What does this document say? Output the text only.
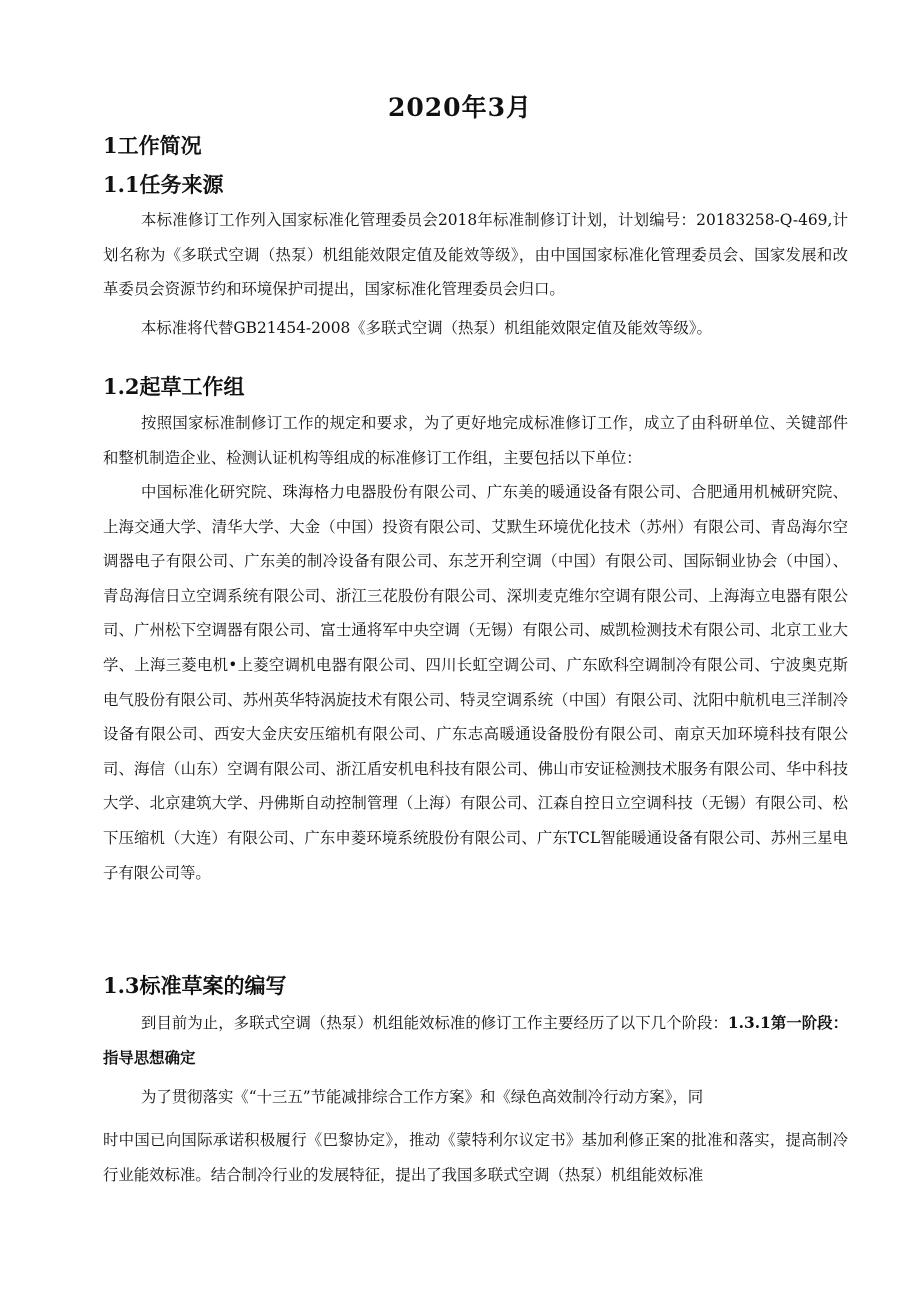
2020年3月
1工作简况
1.1任务来源

本标准修订工作列入国家标准化管理委员会2018年标准制修订计划，计划编号：20183258-Q-469,计划名称为《多联式空调（热泵）机组能效限定值及能效等级》，由中国国家标准化管理委员会、国家发展和改革委员会资源节约和环境保护司提出，国家标准化管理委员会归口。

本标准将代替GB21454-2008《多联式空调（热泵）机组能效限定值及能效等级》。

1.2起草工作组

按照国家标准制修订工作的规定和要求，为了更好地完成标准修订工作，成立了由科研单位、关键部件和整机制造企业、检测认证机构等组成的标准修订工作组，主要包括以下单位：

中国标准化研究院、珠海格力电器股份有限公司、广东美的暖通设备有限公司、合肥通用机械研究院、上海交通大学、清华大学、大金（中国）投资有限公司、艾默生环境优化技术（苏州）有限公司、青岛海尔空调器电子有限公司、广东美的制冷设备有限公司、东芝开利空调（中国）有限公司、国际铜业协会（中国）、青岛海信日立空调系统有限公司、浙江三花股份有限公司、深圳麦克维尔空调有限公司、上海海立电器有限公司、广州松下空调器有限公司、富士通将军中央空调（无锡）有限公司、威凯检测技术有限公司、北京工业大学、上海三菱电机•上菱空调机电器有限公司、四川长虹空调公司、广东欧科空调制冷有限公司、宁波奥克斯电气股份有限公司、苏州英华特涡旋技术有限公司、特灵空调系统（中国）有限公司、沈阳中航机电三洋制冷设备有限公司、西安大金庆安压缩机有限公司、广东志高暖通设备股份有限公司、南京天加环境科技有限公司、海信（山东）空调有限公司、浙江盾安机电科技有限公司、佛山市安证检测技术服务有限公司、华中科技大学、北京建筑大学、丹佛斯自动控制管理（上海）有限公司、江森自控日立空调科技（无锡）有限公司、松下压缩机（大连）有限公司、广东申菱环境系统股份有限公司、广东TCL智能暖通设备有限公司、苏州三星电子有限公司等。

1.3标准草案的编写

到目前为止，多联式空调（热泵）机组能效标准的修订工作主要经历了以下几个阶段：1.3.1第一阶段：指导思想确定

为了贯彻落实《“十三五”节能减排综合工作方案》和《绿色高效制冷行动方案》，同

时中国已向国际承诺积极履行《巴黎协定》，推动《蒙特利尔议定书》基加利修正案的批准和落实，提高制冷行业能效标准。结合制冷行业的发展特征，提出了我国多联式空调（热泵）机组能效标准
